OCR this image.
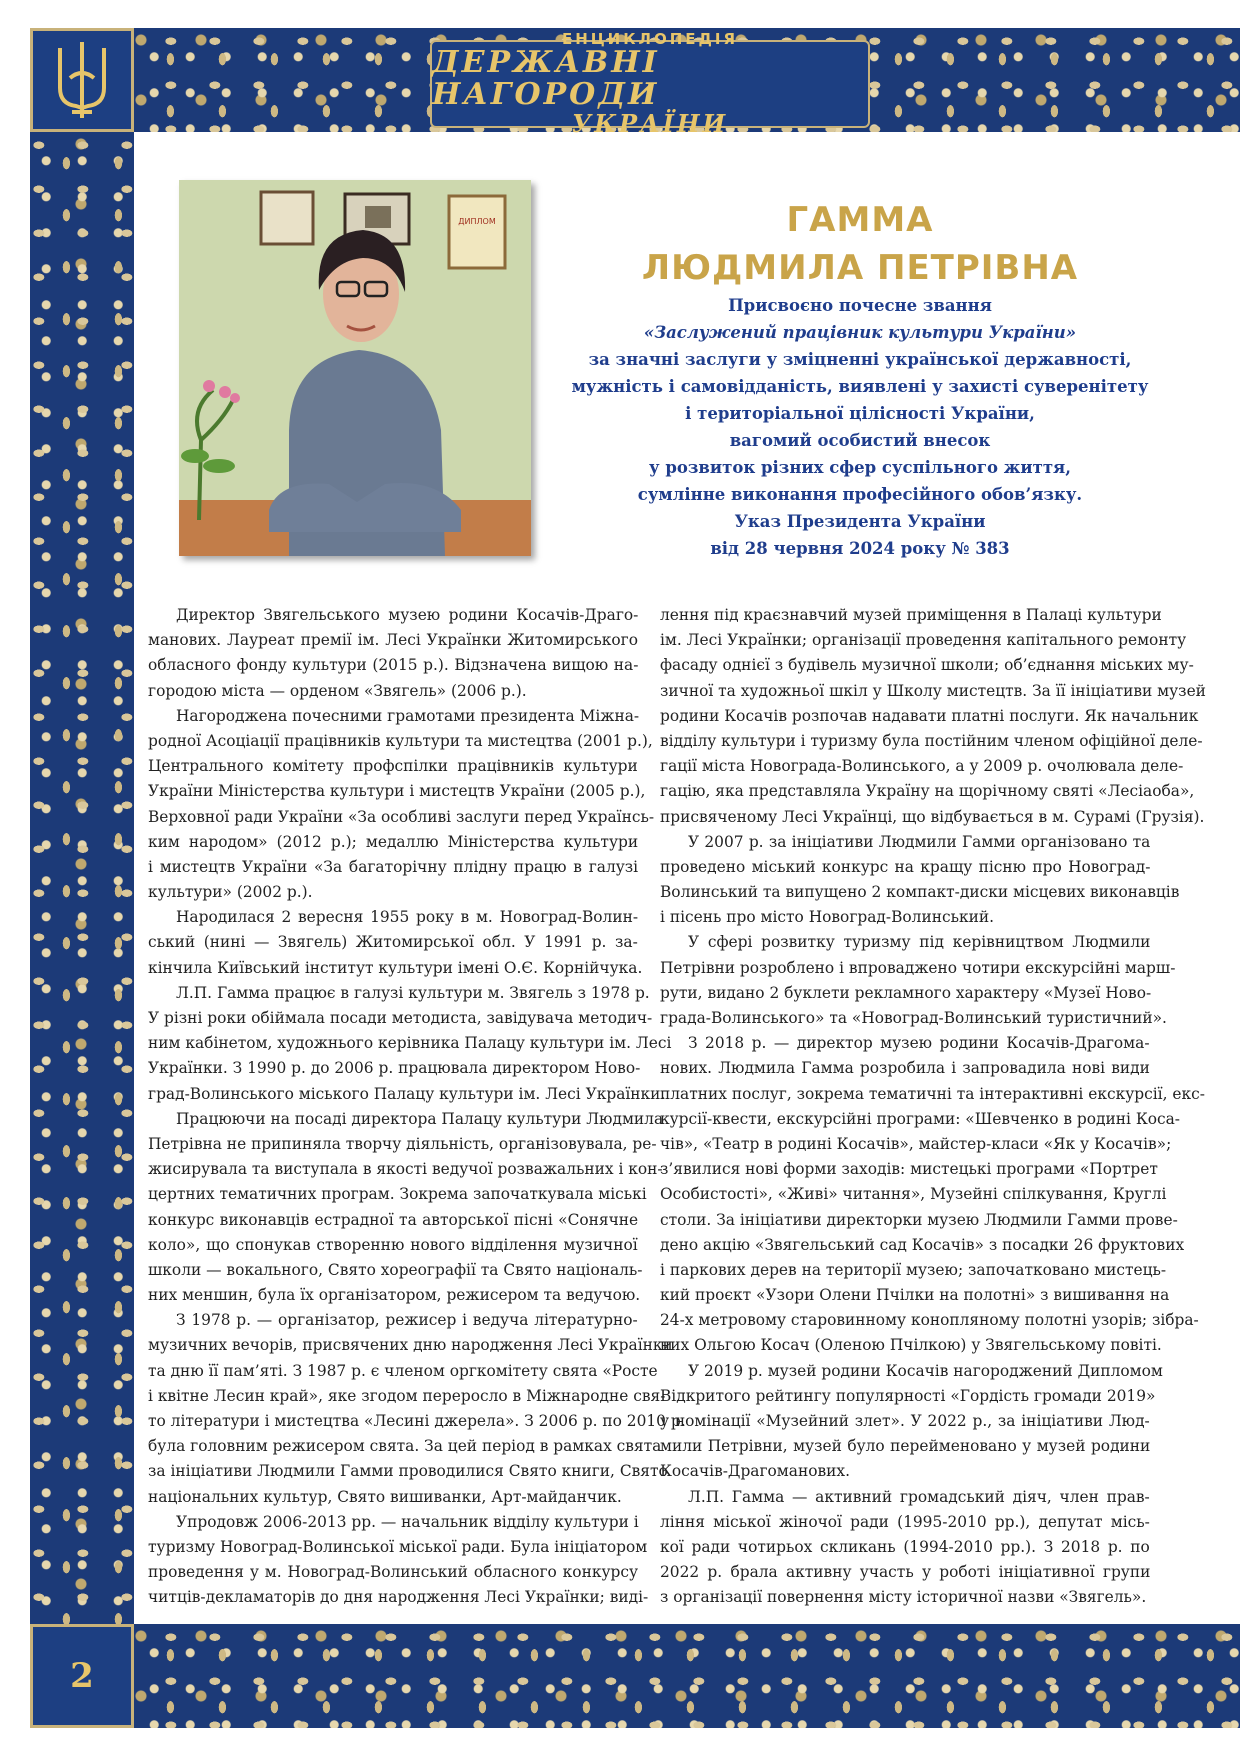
ЕНЦИКЛОПЕДІЯ
ДЕРЖАВНІ НАГОРОДИ
УКРАЇНИ
2
ДИПЛОМ	ГАММА
ЛЮДМИЛА ПЕТРІВНА
Присвоєно почесне звання
«Заслужений працівник культури України»
за значні заслуги у зміцненні української державності,
мужність і самовідданість, виявлені у захисті суверенітету
і територіальної цілісності України,
вагомий особистий внесок
у розвиток різних сфер суспільного життя,
сумлінне виконання професійного обов’язку.
Указ Президента України
від 28 червня 2024 року № 383
Директор Звягельського музею родини Косачів-Драго-
манових. Лауреат премії ім. Лесі Українки Житомирського
обласного фонду культури (2015 р.). Відзначена вищою на-
городою міста — орденом «Звягель» (2006 р.).
Нагороджена почесними грамотами президента Міжна-
родної Асоціації працівників культури та мистецтва (2001 р.),
Центрального комітету профспілки працівників культури
України Міністерства культури і мистецтв України (2005 р.),
Верховної ради України «За особливі заслуги перед Українсь-
ким народом» (2012 р.); медаллю Міністерства культури
і мистецтв України «За багаторічну плідну працю в галузі
культури» (2002 р.).
Народилася 2 вересня 1955 року в м. Новоград-Волин-
ський (нині — Звягель) Житомирської обл. У 1991 р. за-
кінчила Київський інститут культури імені О.Є. Корнійчука.
Л.П. Гамма працює в галузі культури м. Звягель з 1978 р.
У різні роки обіймала посади методиста, завідувача методич-
ним кабінетом, художнього керівника Палацу культури ім. Лесі
Українки. З 1990 р. до 2006 р. працювала директором Ново-
град-Волинського міського Палацу культури ім. Лесі Українки.
Працюючи на посаді директора Палацу культури Людмила
Петрівна не припиняла творчу діяльність, організовувала, ре-
жисирувала та виступала в якості ведучої розважальних і кон-
цертних тематичних програм. Зокрема започаткувала міські
конкурс виконавців естрадної та авторської пісні «Сонячне
коло», що спонукав створенню нового відділення музичної
школи — вокального, Свято хореографії та Свято національ-
них меншин, була їх організатором, режисером та ведучою.
З 1978 р. — організатор, режисер і ведуча літературно-
музичних вечорів, присвячених дню народження Лесі Українки
та дню її пам’яті. З 1987 р. є членом оргкомітету свята «Росте
і квітне Лесин край», яке згодом переросло в Міжнародне свя-
то літератури і мистецтва «Лесині джерела». З 2006 р. по 2010 р.
була головним режисером свята. За цей період в рамках свята
за ініціативи Людмили Гамми проводилися Свято книги, Свято
національних культур, Свято вишиванки, Арт-майданчик.
Упродовж 2006-2013 рр. — начальник відділу культури і
туризму Новоград-Волинської міської ради. Була ініціатором
проведення у м. Новоград-Волинський обласного конкурсу
читців-декламаторів до дня народження Лесі Українки; виді-
лення під краєзнавчий музей приміщення в Палаці культури
ім. Лесі Українки; організації проведення капітального ремонту
фасаду однієї з будівель музичної школи; об’єднання міських му-
зичної та художньої шкіл у Школу мистецтв. За її ініціативи музей
родини Косачів розпочав надавати платні послуги. Як начальник
відділу культури і туризму була постійним членом офіційної деле-
гації міста Новограда-Волинського, а у 2009 р. очолювала деле-
гацію, яка представляла Україну на щорічному святі «Лесіаоба»,
присвяченому Лесі Українці, що відбувається в м. Сурамі (Грузія).
У 2007 р. за ініціативи Людмили Гамми організовано та
проведено міський конкурс на кращу пісню про Новоград-
Волинський та випущено 2 компакт-диски місцевих виконавців
і пісень про місто Новоград-Волинський.
У сфері розвитку туризму під керівництвом Людмили
Петрівни розроблено і впроваджено чотири екскурсійні марш-
рути, видано 2 буклети рекламного характеру «Музеї Ново-
града-Волинського» та «Новоград-Волинський туристичний».
З 2018 р. — директор музею родини Косачів-Драгома-
нових. Людмила Гамма розробила і запровадила нові види
платних послуг, зокрема тематичні та інтерактивні екскурсії, екс-
курсії-квести, екскурсійні програми: «Шевченко в родині Коса-
чів», «Театр в родині Косачів», майстер-класи «Як у Косачів»;
з’явилися нові форми заходів: мистецькі програми «Портрет
Особистості», «Живі» читання», Музейні спілкування, Круглі
столи. За ініціативи директорки музею Людмили Гамми прове-
дено акцію «Звягельський сад Косачів» з посадки 26 фруктових
і паркових дерев на території музею; започатковано мистець-
кий проєкт «Узори Олени Пчілки на полотні» з вишивання на
24-х метровому старовинному конопляному полотні узорів; зібра-
них Ольгою Косач (Оленою Пчілкою) у Звягельському повіті.
У 2019 р. музей родини Косачів нагороджений Дипломом
Відкритого рейтингу популярності «Гордість громади 2019»
у номінації «Музейний злет». У 2022 р., за ініціативи Люд-
мили Петрівни, музей було перейменовано у музей родини
Косачів-Драгоманових.
Л.П. Гамма — активний громадський діяч, член прав-
ління міської жіночої ради (1995-2010 рр.), депутат місь-
кої ради чотирьох скликань (1994-2010 рр.). З 2018 р. по
2022 р. брала активну участь у роботі ініціативної групи
з організації повернення місту історичної назви «Звягель».
